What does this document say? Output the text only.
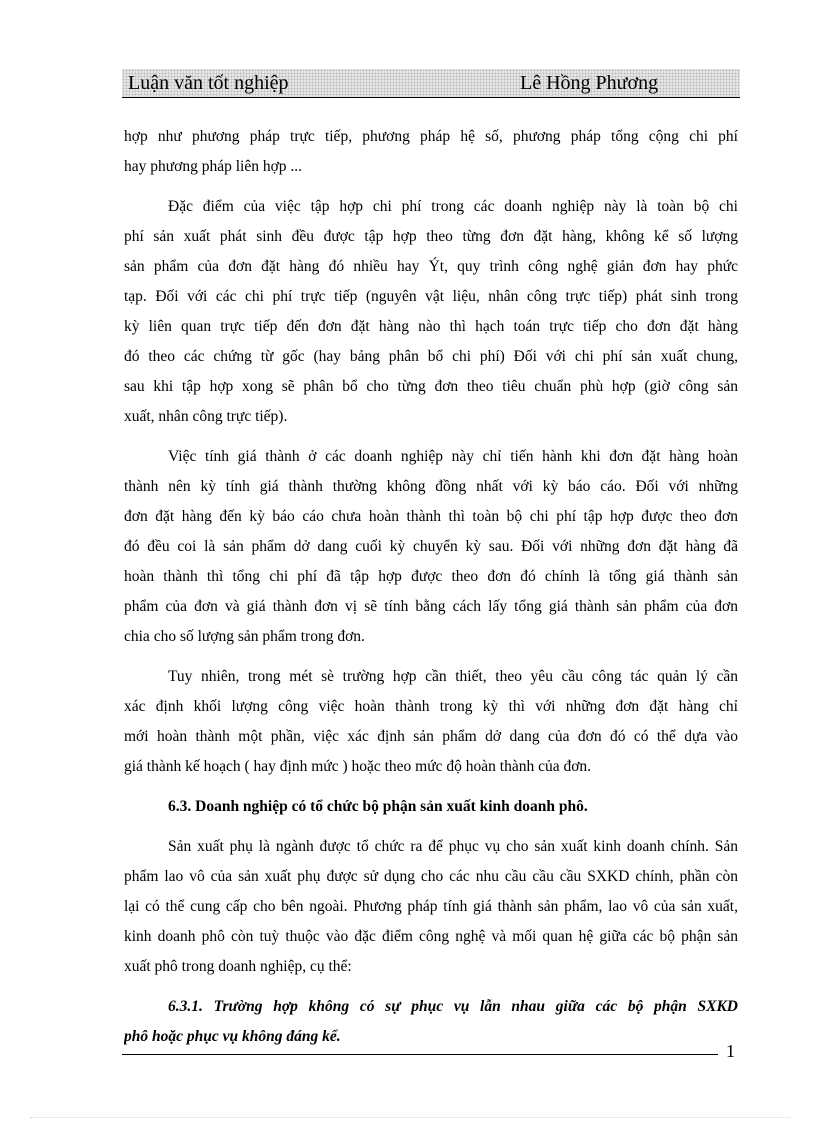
Luận văn tốt nghiệp	Lê Hồng Phương
hợp như phương pháp trực tiếp, phương pháp hệ số, phương pháp tổng cộng chi phí
hay phương pháp liên hợp ...
Đặc điểm của việc tập hợp chi phí trong các doanh nghiệp này là toàn bộ chi
phí sản xuất phát sinh đều được tập hợp theo từng đơn đặt hàng, không kể số lượng
sản phẩm của đơn đặt hàng đó nhiều hay Ýt, quy trình công nghệ giản đơn hay phức
tạp. Đối với các chi phí trực tiếp (nguyên vật liệu, nhân công trực tiếp) phát sinh trong
kỳ liên quan trực tiếp đến đơn đặt hàng nào thì hạch toán trực tiếp cho đơn đặt hàng
đó theo các chứng từ gốc (hay bảng phân bổ chi phí) Đối với chi phí sản xuất chung,
sau khi tập hợp xong sẽ phân bổ cho từng đơn theo tiêu chuẩn phù hợp (giờ công sản
xuất, nhân công trực tiếp).
Việc tính giá thành ở các doanh nghiệp này chỉ tiến hành khi đơn đặt hàng hoàn
thành nên kỳ tính giá thành thường không đồng nhất với kỳ báo cáo. Đối với những
đơn đặt hàng đến kỳ báo cáo chưa hoàn thành thì toàn bộ chi phí tập hợp được theo đơn
đó đều coi là sản phẩm dở dang cuối kỳ chuyển kỳ sau. Đối với những đơn đặt hàng đã
hoàn thành thì tổng chi phí đã tập hợp được theo đơn đó chính là tổng giá thành sản
phẩm của đơn và giá thành đơn vị sẽ tính bằng cách lấy tổng giá thành sản phẩm của đơn
chia cho số lượng sản phẩm trong đơn.
Tuy nhiên, trong mét sè trường hợp cần thiết, theo yêu cầu công tác quản lý cần
xác định khối lượng công việc hoàn thành trong kỳ thì với những đơn đặt hàng chỉ
mới hoàn thành một phần, việc xác định sản phẩm dở dang của đơn đó có thể dựa vào
giá thành kế hoạch ( hay định mức ) hoặc theo mức độ hoàn thành của đơn.
6.3. Doanh nghiệp có tổ chức bộ phận sản xuất kinh doanh phô.
Sản xuất phụ là ngành được tổ chức ra để phục vụ cho sản xuất kinh doanh chính. Sản
phẩm lao vô của sản xuất phụ được sử dụng cho các nhu cầu cầu cầu SXKD chính, phần còn
lại có thể cung cấp cho bên ngoài. Phương pháp tính giá thành sản phẩm, lao vô của sản xuất,
kinh doanh phô còn tuỳ thuộc vào đặc điểm công nghệ và mối quan hệ giữa các bộ phận sản
xuất phô trong doanh nghiệp, cụ thể:
6.3.1. Trường hợp không có sự phục vụ lẫn nhau giữa các bộ phận SXKD
phô hoặc phục vụ không đáng kể.
1
